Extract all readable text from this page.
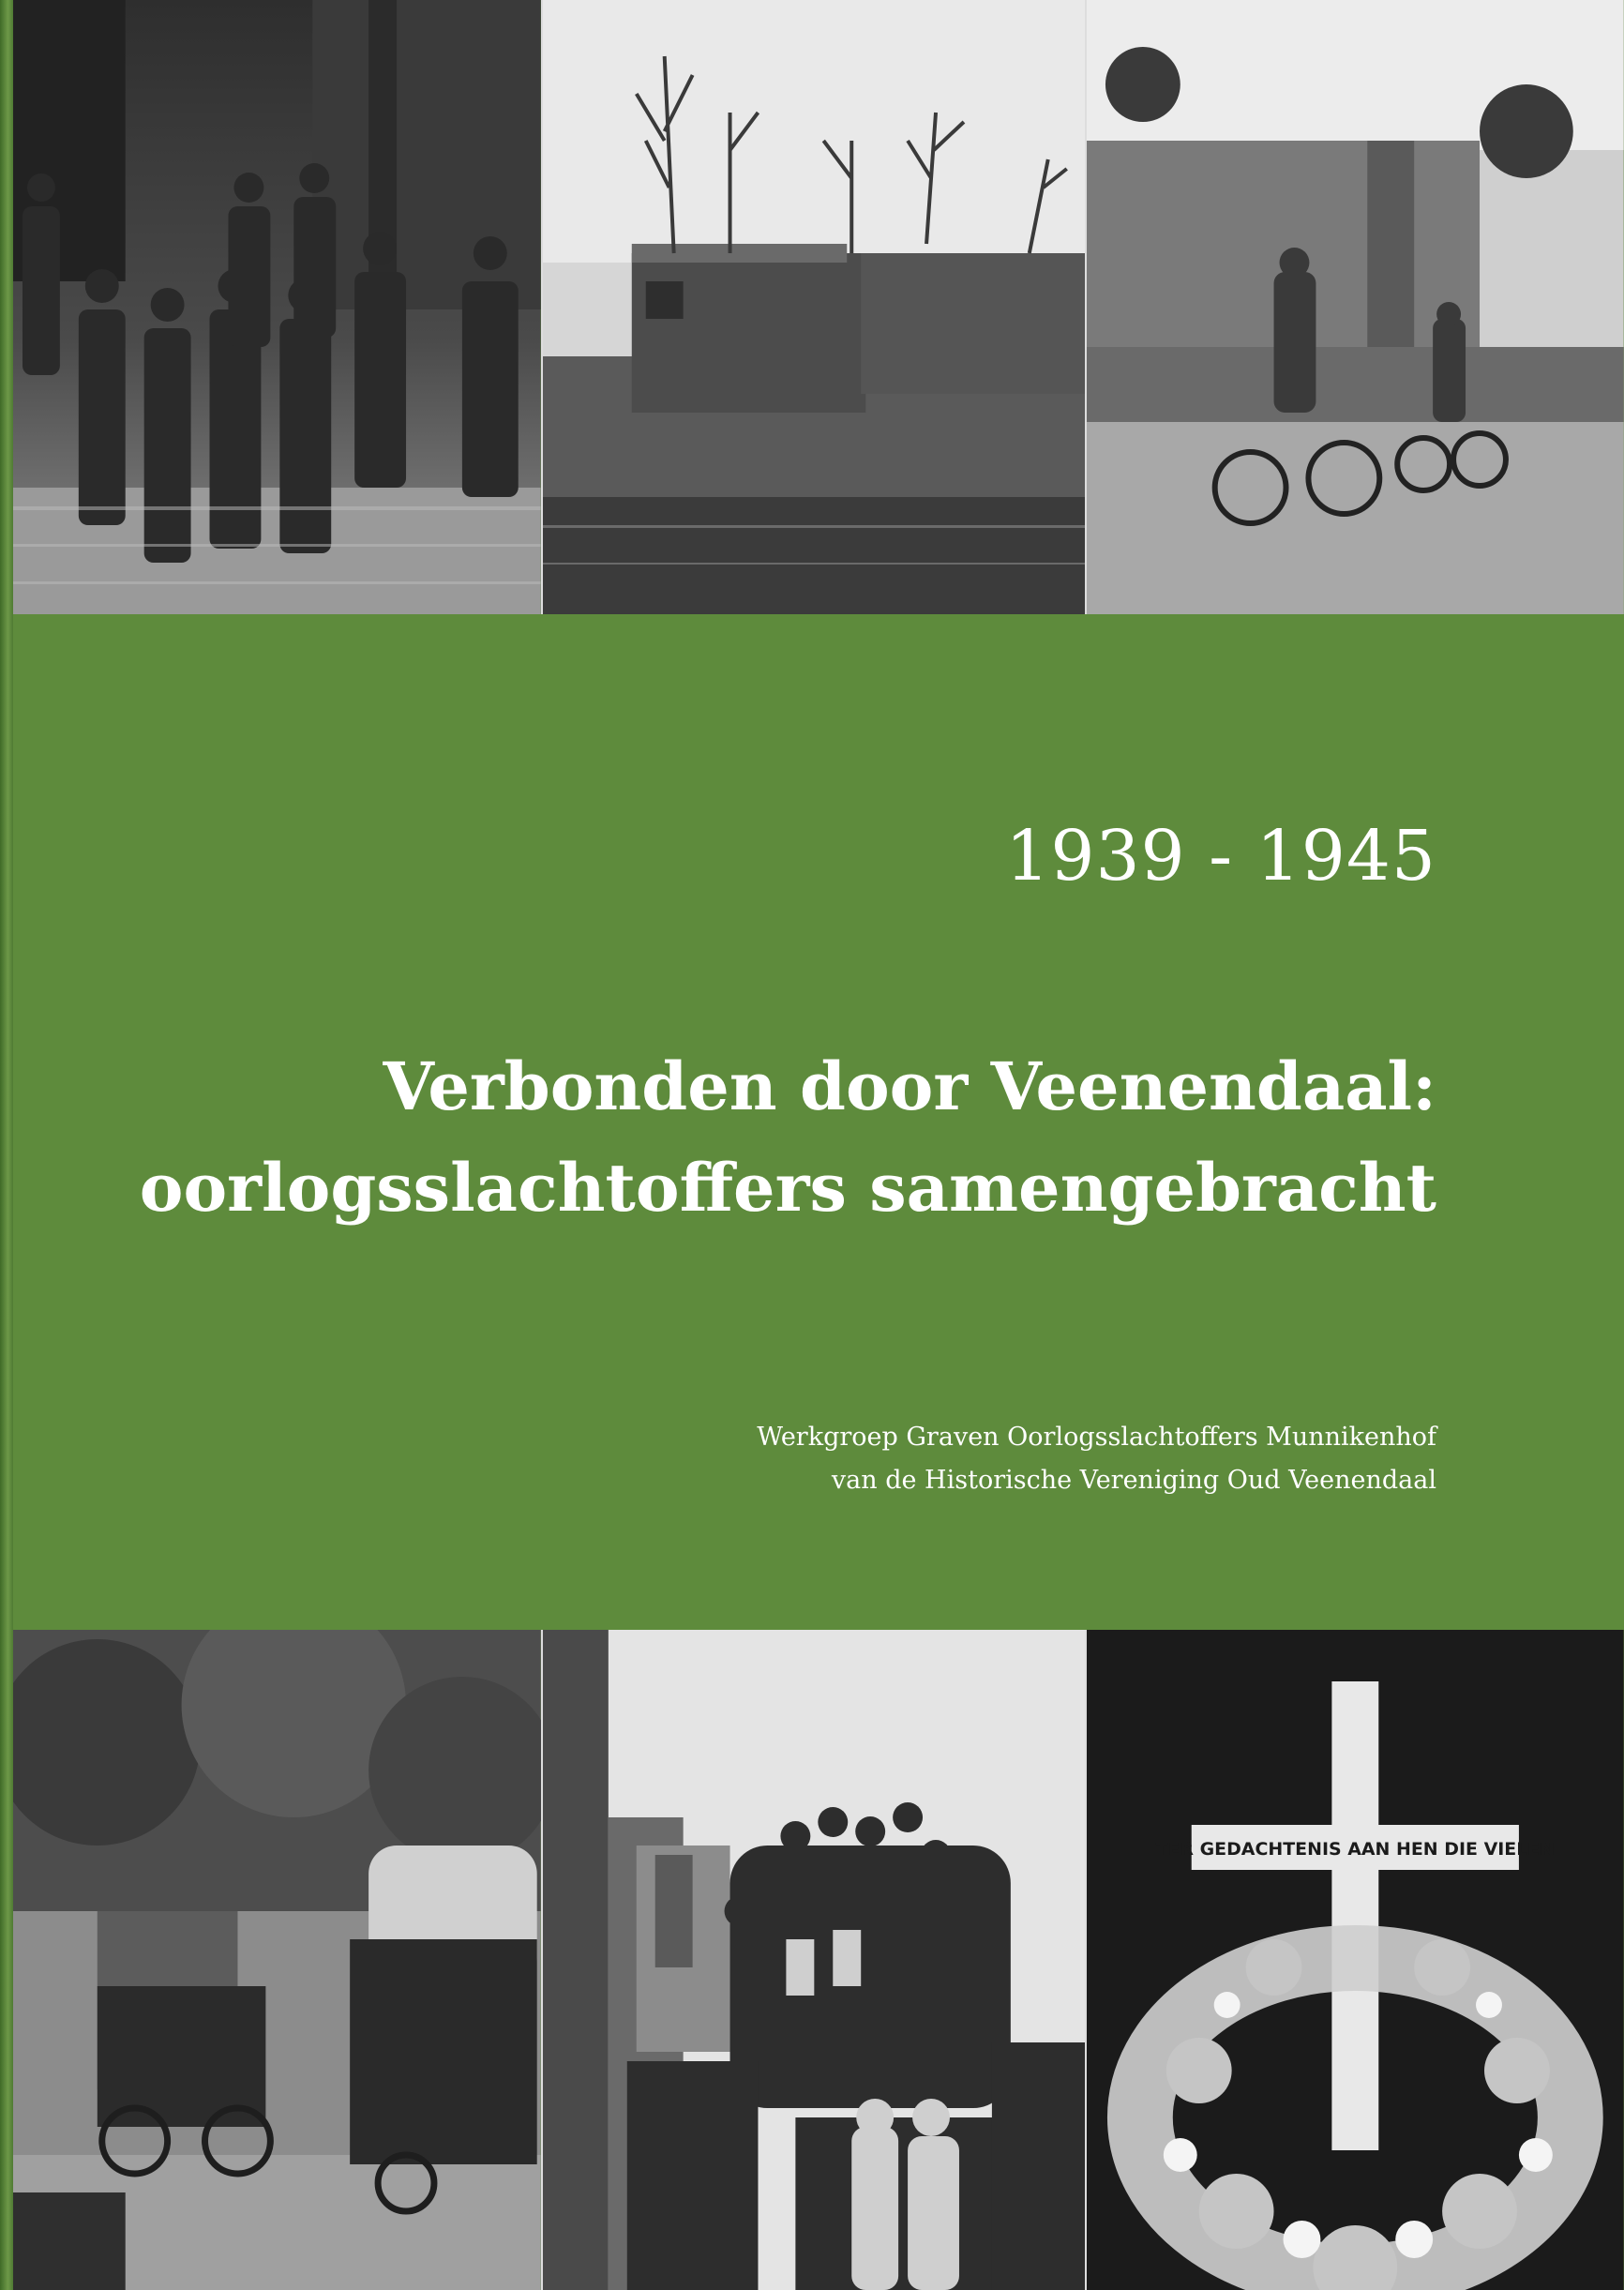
1939 - 1945
Verbonden door Veenendaal:
oorlogsslachtoffers samengebracht
Werkgroep Graven Oorlogsslachtoffers Munnikenhof
van de Historische Vereniging Oud Veenendaal
TER GEDACHTENIS AAN HEN DIE VIELEN
